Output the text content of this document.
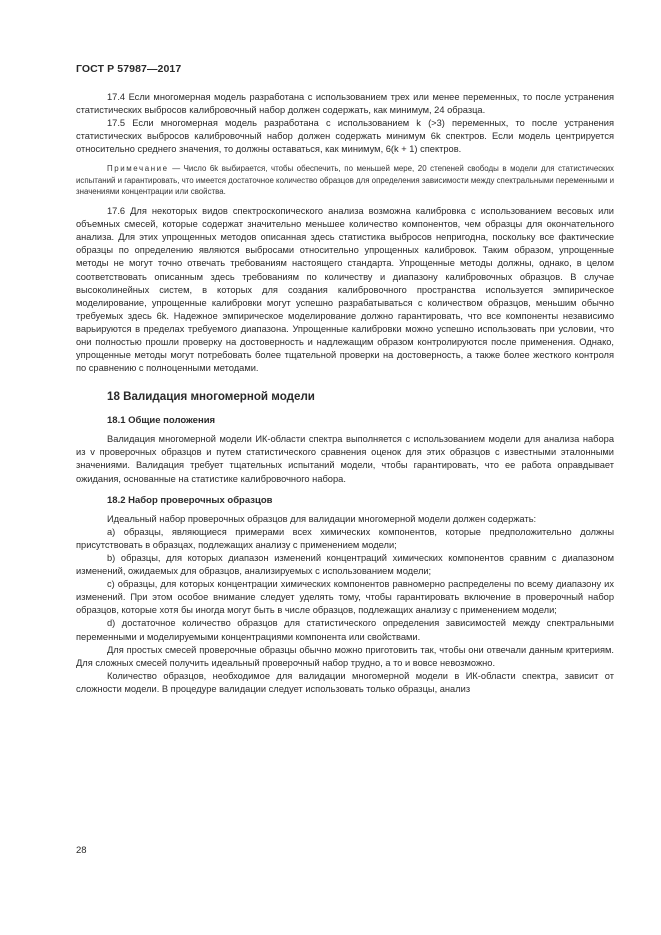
ГОСТ Р 57987—2017

17.4 Если многомерная модель разработана с использованием трех или менее переменных, то после устранения статистических выбросов калибровочный набор должен содержать, как минимум, 24 образца.

17.5 Если многомерная модель разработана с использованием k (>3) переменных, то после устранения статистических выбросов калибровочный набор должен содержать минимум 6k спектров. Если модель центрируется относительно среднего значения, то должны оставаться, как минимум, 6(k + 1) спектров.

Примечание — Число 6k выбирается, чтобы обеспечить, по меньшей мере, 20 степеней свободы в модели для статистических испытаний и гарантировать, что имеется достаточное количество образцов для определения зависимости между спектральными переменными и значениями концентрации или свойства.

17.6 Для некоторых видов спектроскопического анализа возможна калибровка с использованием весовых или объемных смесей, которые содержат значительно меньшее количество компонентов, чем образцы для окончательного анализа. Для этих упрощенных методов описанная здесь статистика выбросов непригодна, поскольку все фактические образцы по определению являются выбросами относительно упрощенных калибровок. Таким образом, упрощенные методы не могут точно отвечать требованиям настоящего стандарта. Упрощенные методы должны, однако, в целом соответствовать описанным здесь требованиям по количеству и диапазону калибровочных образцов. В случае высоколинейных систем, в которых для создания калибровочного пространства используется эмпирическое моделирование, упрощенные калибровки могут успешно разрабатываться с количеством образцов, меньшим обычно требуемых здесь 6k. Надежное эмпирическое моделирование должно гарантировать, что все компоненты независимо варьируются в пределах требуемого диапазона. Упрощенные калибровки можно успешно использовать при условии, что они полностью прошли проверку на достоверность и надлежащим образом контролируются после применения. Однако, упрощенные методы могут потребовать более тщательной проверки на достоверность, а также более жесткого контроля по сравнению с полноценными методами.

18 Валидация многомерной модели
18.1 Общие положения

Валидация многомерной модели ИК-области спектра выполняется с использованием модели для анализа набора из v проверочных образцов и путем статистического сравнения оценок для этих образцов с известными эталонными значениями. Валидация требует тщательных испытаний модели, чтобы гарантировать, что ее работа оправдывает ожидания, основанные на статистике калибровочного набора.

18.2 Набор проверочных образцов

Идеальный набор проверочных образцов для валидации многомерной модели должен содержать:

a) образцы, являющиеся примерами всех химических компонентов, которые предположительно должны присутствовать в образцах, подлежащих анализу с применением модели;

b) образцы, для которых диапазон изменений концентраций химических компонентов сравним с диапазоном изменений, ожидаемых для образцов, анализируемых с использованием модели;

c) образцы, для которых концентрации химических компонентов равномерно распределены по всему диапазону их изменений. При этом особое внимание следует уделять тому, чтобы гарантировать включение в проверочный набор образцов, которые хотя бы иногда могут быть в числе образцов, подлежащих анализу с применением модели;

d) достаточное количество образцов для статистического определения зависимостей между спектральными переменными и моделируемыми концентрациями компонента или свойствами.

Для простых смесей проверочные образцы обычно можно приготовить так, чтобы они отвечали данным критериям. Для сложных смесей получить идеальный проверочный набор трудно, а то и вовсе невозможно.

Количество образцов, необходимое для валидации многомерной модели в ИК-области спектра, зависит от сложности модели. В процедуре валидации следует использовать только образцы, анализ

28
